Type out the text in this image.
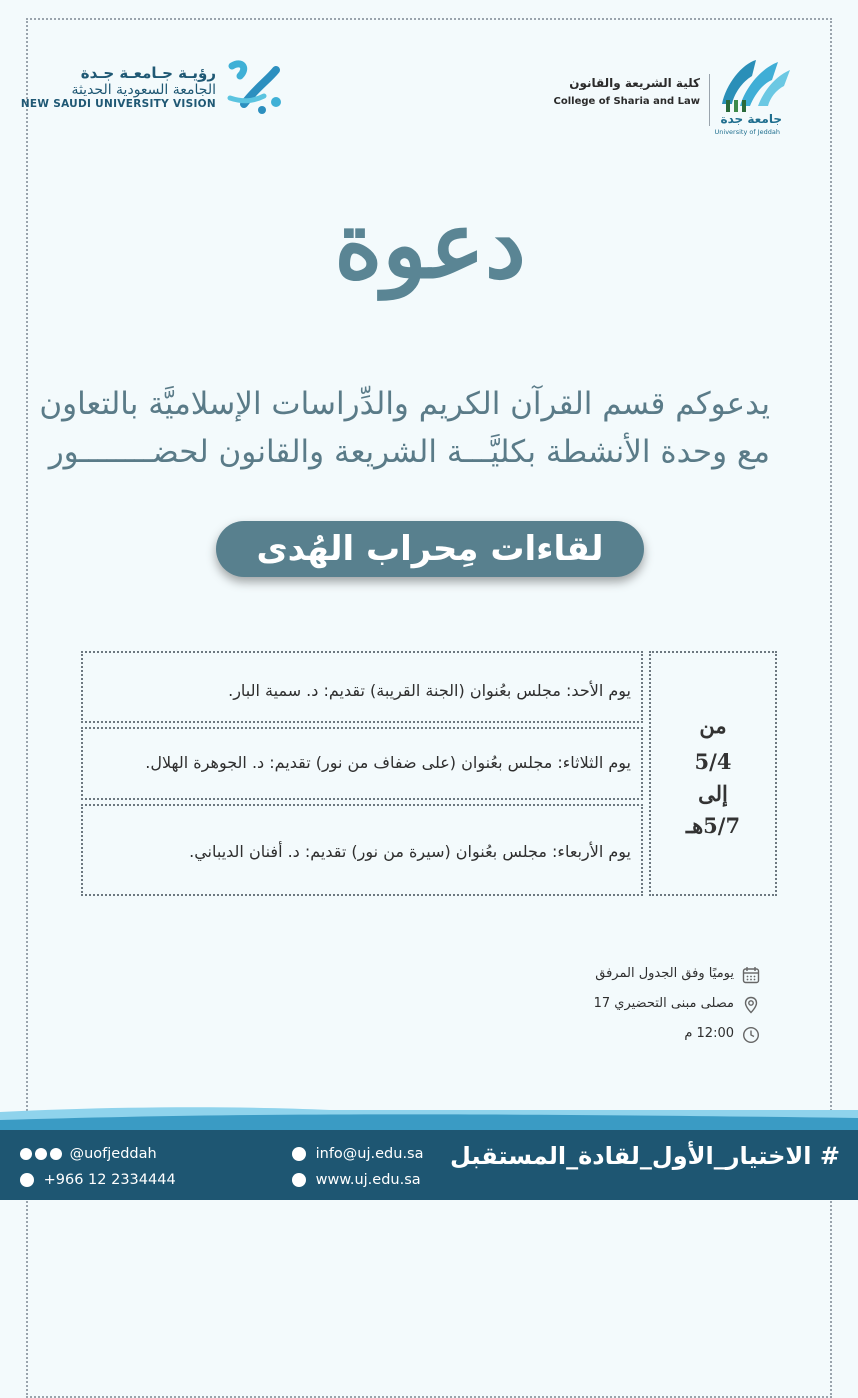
رؤيـة جـامعـة جـدة
الجامعة السعودية الحديثة
NEW SAUDI UNIVERSITY VISION
كلية الشريعة والقانون
College of Sharia and Law
جامعة جدة
University of Jeddah
دعوة

يدعوكم قسم القرآن الكريم والدِّراسات الإسلاميَّة بالتعاون

مع وحدة الأنشطة بكليَّـــة الشريعة والقانون لحضــــــــور

لقاءات مِحراب الهُدى
يوم الأحد: مجلس بعُنوان (الجنة القريبة) تقديم: د. سمية البار.
يوم الثلاثاء: مجلس بعُنوان (على ضفاف من نور) تقديم: د. الجوهرة الهلال.
يوم الأربعاء: مجلس بعُنوان (سيرة من نور) تقديم: د. أفنان الديباني.
من
5/4
إلى
5/7هـ
يوميًا وفق الجدول المرفق
مصلى مبنى التحضيري 17
12:00 م
# الاختيار_الأول_لقادة_المستقبل
@uofjeddah
+966 12 2334444
info@uj.edu.sa
www.uj.edu.sa
